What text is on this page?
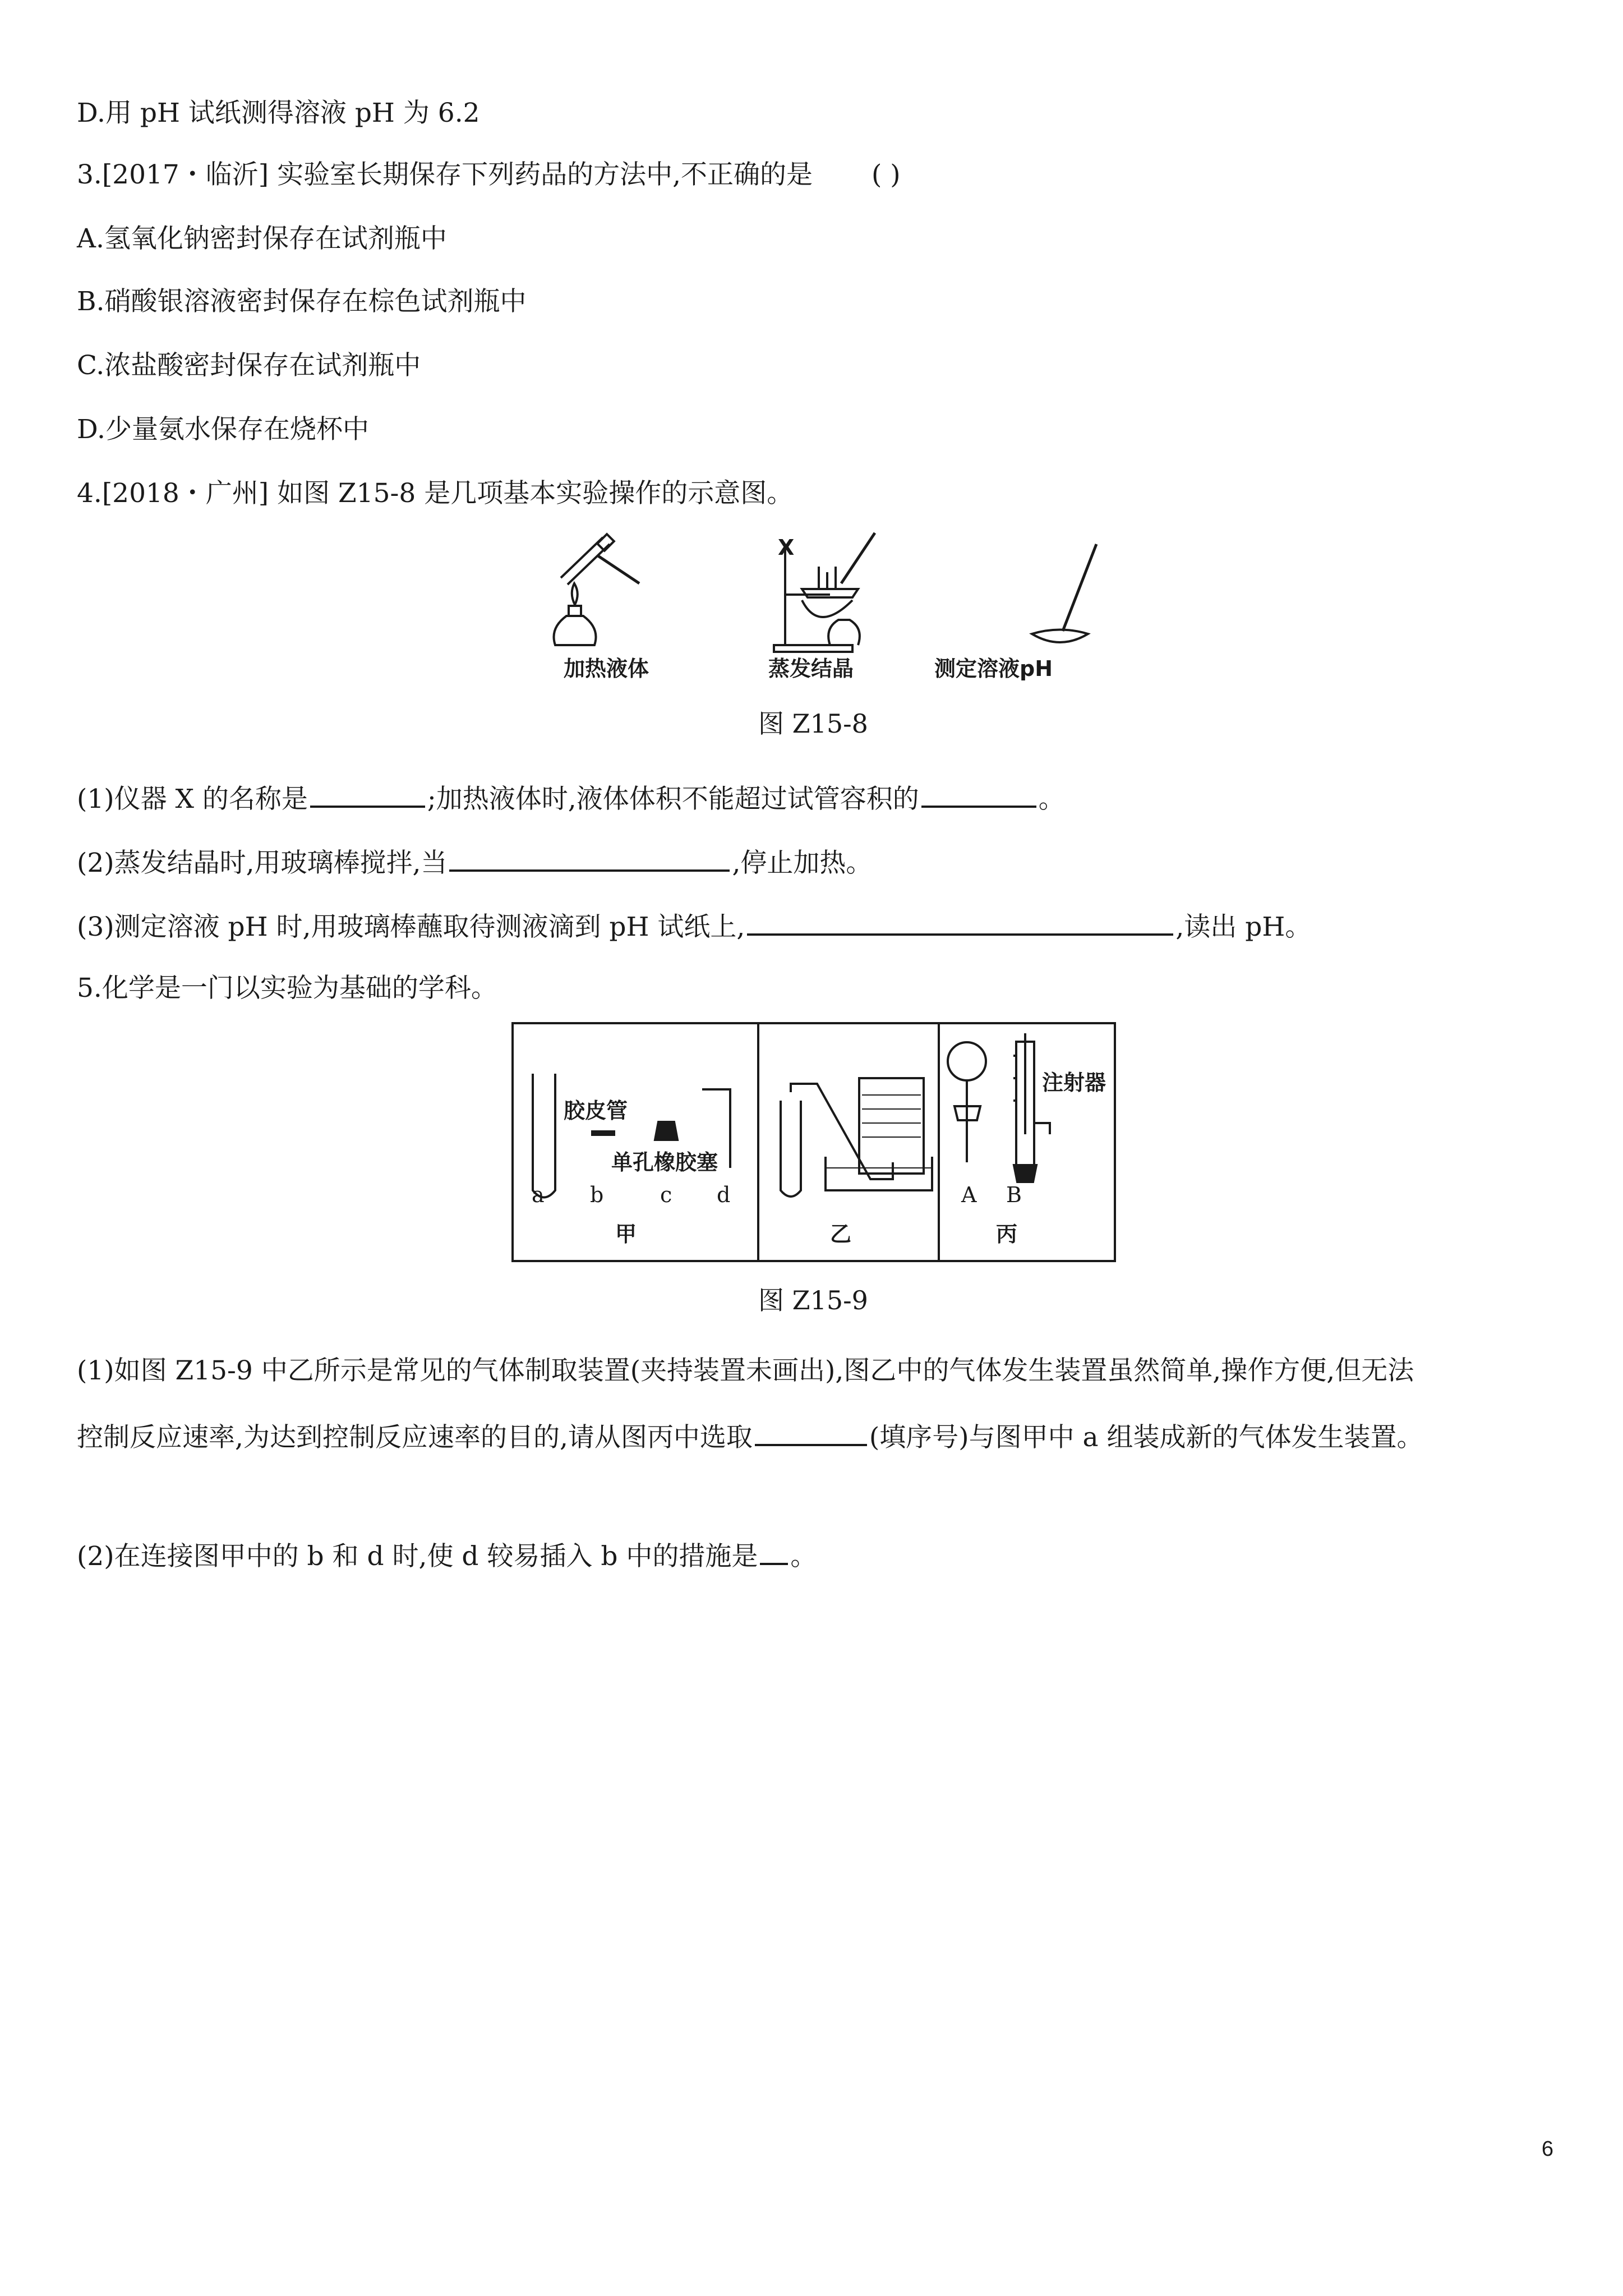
D.用 pH 试纸测得溶液 pH 为 6.2
3.[2017・临沂] 实验室长期保存下列药品的方法中,不正确的是 ( )
A.氢氧化钠密封保存在试剂瓶中
B.硝酸银溶液密封保存在棕色试剂瓶中
C.浓盐酸密封保存在试剂瓶中
D.少量氨水保存在烧杯中
4.[2018・广州] 如图 Z15-8 是几项基本实验操作的示意图。
X
加热液体	蒸发结晶	测定溶液pH
图 Z15-8
(1)仪器 X 的名称是	;加热液体时,液体体积不能超过试管容积的	。
(2)蒸发结晶时,用玻璃棒搅拌,当	,停止加热。
(3)测定溶液 pH 时,用玻璃棒蘸取待测液滴到 pH 试纸上,	,读出 pH。
5.化学是一门以实验为基础的学科。
胶皮管
单孔橡胶塞
a b	c d
甲	乙
注射器
A B
丙
图 Z15-9
(1)如图 Z15-9 中乙所示是常见的气体制取装置(夹持装置未画出),图乙中的气体发生装置虽然简单,操作方便,但无法
控制反应速率,为达到控制反应速率的目的,请从图丙中选取	(填序号)与图甲中 a 组装成新的气体发生装置。
(2)在连接图甲中的 b 和 d 时,使 d 较易插入 b 中的措施是 。
6
